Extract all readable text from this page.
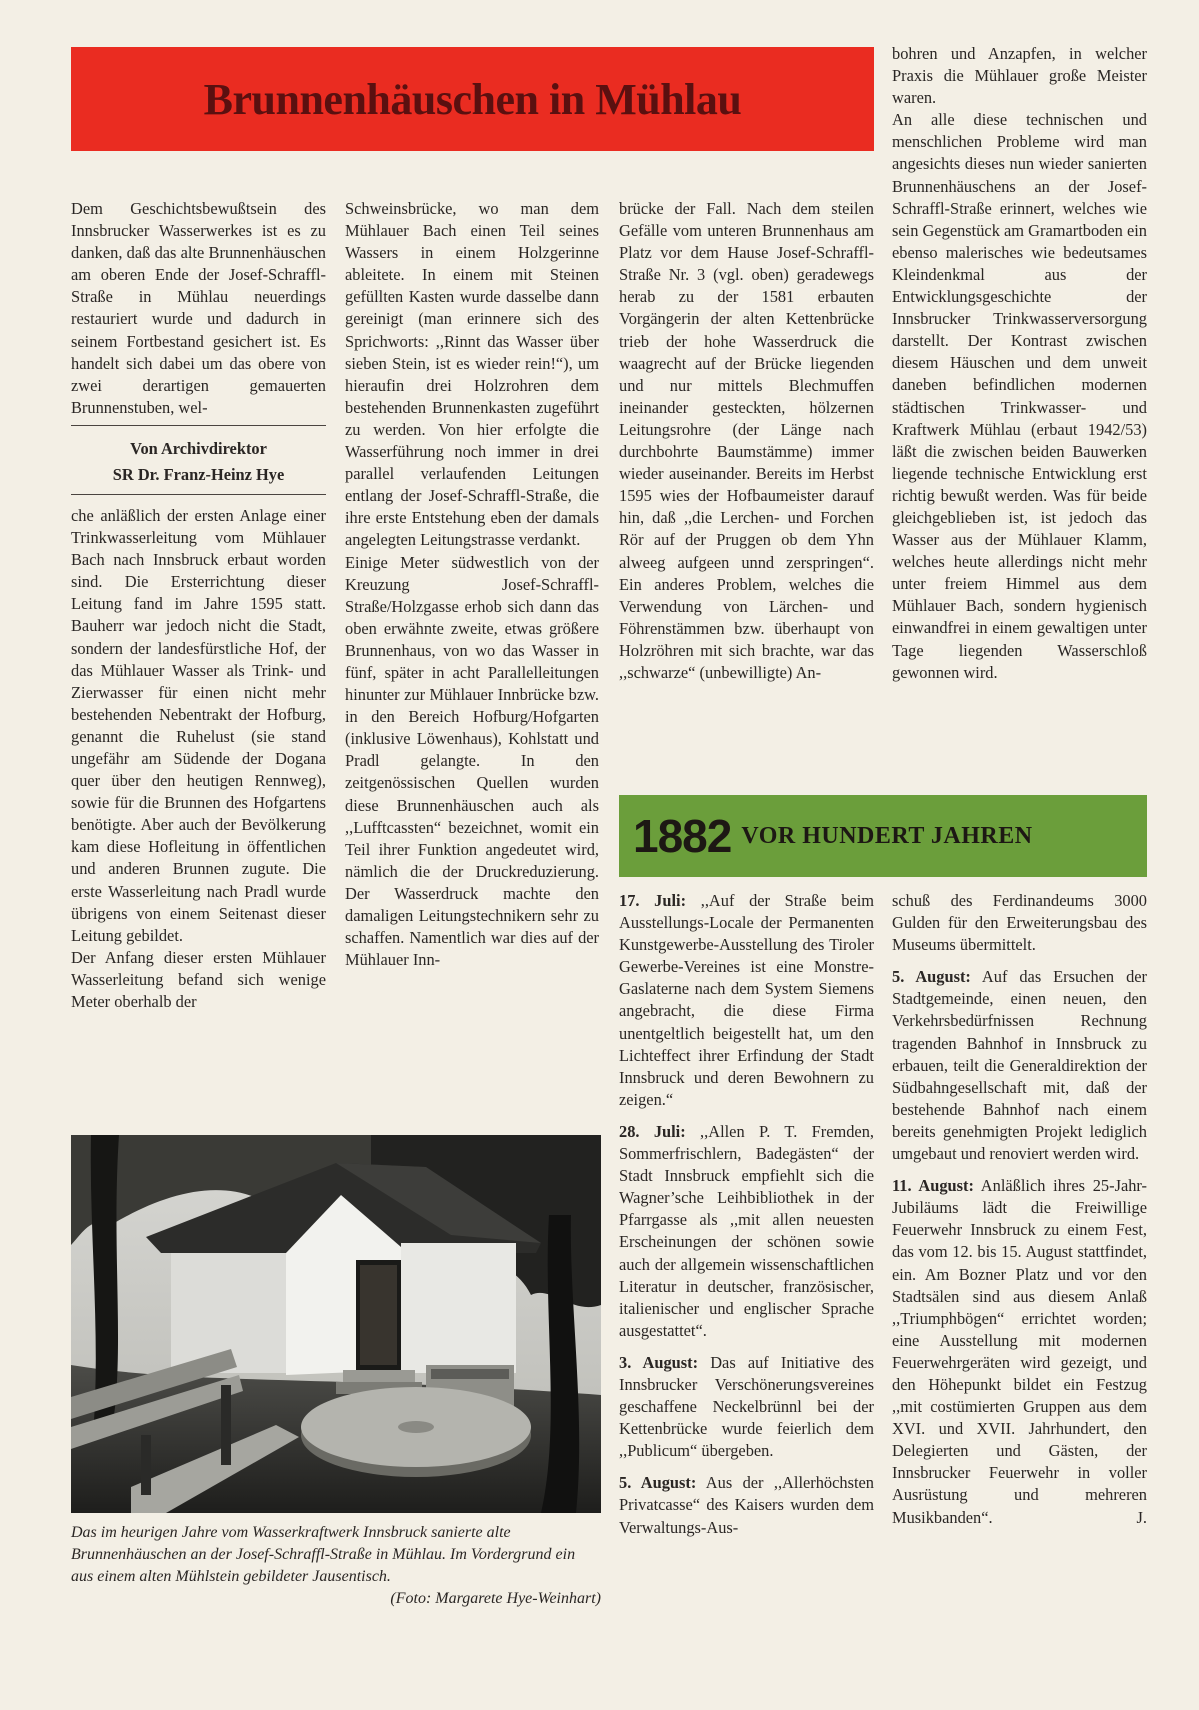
Brunnenhäuschen in Mühlau

Dem Geschichtsbewußtsein des Innsbrucker Wasserwerkes ist es zu danken, daß das alte Brunnenhäuschen am oberen Ende der Josef-Schraffl-Straße in Mühlau neuerdings restauriert wurde und dadurch in seinem Fortbestand gesichert ist. Es handelt sich dabei um das obere von zwei derartigen gemauerten Brunnenstuben, wel-

Von Archivdirektor
SR Dr. Franz-Heinz Hye

che anläßlich der ersten Anlage einer Trinkwasserleitung vom Mühlauer Bach nach Innsbruck erbaut worden sind. Die Ersterrichtung dieser Leitung fand im Jahre 1595 statt. Bauherr war jedoch nicht die Stadt, sondern der landesfürstliche Hof, der das Mühlauer Wasser als Trink- und Zierwasser für einen nicht mehr bestehenden Nebentrakt der Hofburg, genannt die Ruhelust (sie stand ungefähr am Südende der Dogana quer über den heutigen Rennweg), sowie für die Brunnen des Hofgartens benötigte. Aber auch der Bevölkerung kam diese Hofleitung in öffentlichen und anderen Brunnen zugute. Die erste Wasserleitung nach Pradl wurde übrigens von einem Seitenast dieser Leitung gebildet.

Der Anfang dieser ersten Mühlauer Wasserleitung befand sich wenige Meter oberhalb der

Schweinsbrücke, wo man dem Mühlauer Bach einen Teil seines Wassers in einem Holzgerinne ableitete. In einem mit Steinen gefüllten Kasten wurde dasselbe dann gereinigt (man erinnere sich des Sprichworts: ,,Rinnt das Wasser über sieben Stein, ist es wieder rein!“), um hieraufin drei Holzrohren dem bestehenden Brunnenkasten zugeführt zu werden. Von hier erfolgte die Wasserführung noch immer in drei parallel verlaufenden Leitungen entlang der Josef-Schraffl-Straße, die ihre erste Entstehung eben der damals angelegten Leitungstrasse verdankt.

Einige Meter südwestlich von der Kreuzung Josef-Schraffl-Straße/Holzgasse erhob sich dann das oben erwähnte zweite, etwas größere Brunnenhaus, von wo das Wasser in fünf, später in acht Parallelleitungen hinunter zur Mühlauer Innbrücke bzw. in den Bereich Hofburg/Hofgarten (inklusive Löwenhaus), Kohlstatt und Pradl gelangte. In den zeitgenössischen Quellen wurden diese Brunnenhäuschen auch als ,,Lufftcassten“ bezeichnet, womit ein Teil ihrer Funktion angedeutet wird, nämlich die der Druckreduzierung. Der Wasserdruck machte den damaligen Leitungstechnikern sehr zu schaffen. Namentlich war dies auf der Mühlauer Inn-

brücke der Fall. Nach dem steilen Gefälle vom unteren Brunnenhaus am Platz vor dem Hause Josef-Schraffl-Straße Nr. 3 (vgl. oben) geradewegs herab zu der 1581 erbauten Vorgängerin der alten Kettenbrücke trieb der hohe Wasserdruck die waagrecht auf der Brücke liegenden und nur mittels Blechmuffen ineinander gesteckten, hölzernen Leitungsrohre (der Länge nach durchbohrte Baumstämme) immer wieder auseinander. Bereits im Herbst 1595 wies der Hofbaumeister darauf hin, daß ,,die Lerchen- und Forchen Rör auf der Pruggen ob dem Yhn alweeg aufgeen unnd zerspringen“. Ein anderes Problem, welches die Verwendung von Lärchen- und Föhrenstämmen bzw. überhaupt von Holzröhren mit sich brachte, war das ,,schwarze“ (unbewilligte) An-

bohren und Anzapfen, in welcher Praxis die Mühlauer große Meister waren.

An alle diese technischen und menschlichen Probleme wird man angesichts dieses nun wieder sanierten Brunnenhäuschens an der Josef-Schraffl-Straße erinnert, welches wie sein Gegenstück am Gramartboden ein ebenso malerisches wie bedeutsames Kleindenkmal aus der Entwicklungsgeschichte der Innsbrucker Trinkwasserversorgung darstellt. Der Kontrast zwischen diesem Häuschen und dem unweit daneben befindlichen modernen städtischen Trinkwasser- und Kraftwerk Mühlau (erbaut 1942/53) läßt die zwischen beiden Bauwerken liegende technische Entwicklung erst richtig bewußt werden. Was für beide gleichgeblieben ist, ist jedoch das Wasser aus der Mühlauer Klamm, welches heute allerdings nicht mehr unter freiem Himmel aus dem Mühlauer Bach, sondern hygienisch einwandfrei in einem gewaltigen unter Tage liegenden Wasserschloß gewonnen wird.

1882 VOR HUNDERT JAHREN

17. Juli: ,,Auf der Straße beim Ausstellungs-Locale der Permanenten Kunstgewerbe-Ausstellung des Tiroler Gewerbe-Vereines ist eine Monstre-Gaslaterne nach dem System Siemens angebracht, die diese Firma unentgeltlich beigestellt hat, um den Lichteffect ihrer Erfindung der Stadt Innsbruck und deren Bewohnern zu zeigen.“

28. Juli: ,,Allen P. T. Fremden, Sommerfrischlern, Badegästen“ der Stadt Innsbruck empfiehlt sich die Wagner’sche Leihbibliothek in der Pfarrgasse als ,,mit allen neuesten Erscheinungen der schönen sowie auch der allgemein wissenschaftlichen Literatur in deutscher, französischer, italienischer und englischer Sprache ausgestattet“.

3. August: Das auf Initiative des Innsbrucker Verschönerungsvereines geschaffene Neckelbrünnl bei der Kettenbrücke wurde feierlich dem ,,Publicum“ übergeben.

5. August: Aus der ,,Allerhöchsten Privatcasse“ des Kaisers wurden dem Verwaltungs-Aus-

schuß des Ferdinandeums 3000 Gulden für den Erweiterungsbau des Museums übermittelt.

5. August: Auf das Ersuchen der Stadtgemeinde, einen neuen, den Verkehrsbedürfnissen Rechnung tragenden Bahnhof in Innsbruck zu erbauen, teilt die Generaldirektion der Südbahngesellschaft mit, daß der bestehende Bahnhof nach einem bereits genehmigten Projekt lediglich umgebaut und renoviert werden wird.

11. August: Anläßlich ihres 25-Jahr-Jubiläums lädt die Freiwillige Feuerwehr Innsbruck zu einem Fest, das vom 12. bis 15. August stattfindet, ein. Am Bozner Platz und vor den Stadtsälen sind aus diesem Anlaß ,,Triumphbögen“ errichtet worden; eine Ausstellung mit modernen Feuerwehrgeräten wird gezeigt, und den Höhepunkt bildet ein Festzug ,,mit costümierten Gruppen aus dem XVI. und XVII. Jahrhundert, den Delegierten und Gästen, der Innsbrucker Feuerwehr in voller Ausrüstung und mehreren Musikbanden“.	J.

Das im heurigen Jahre vom Wasserkraftwerk Innsbruck sanierte alte Brunnenhäuschen an der Josef-Schraffl-Straße in Mühlau. Im Vordergrund ein aus einem alten Mühlstein gebildeter Jausentisch.
(Foto: Margarete Hye-Weinhart)
